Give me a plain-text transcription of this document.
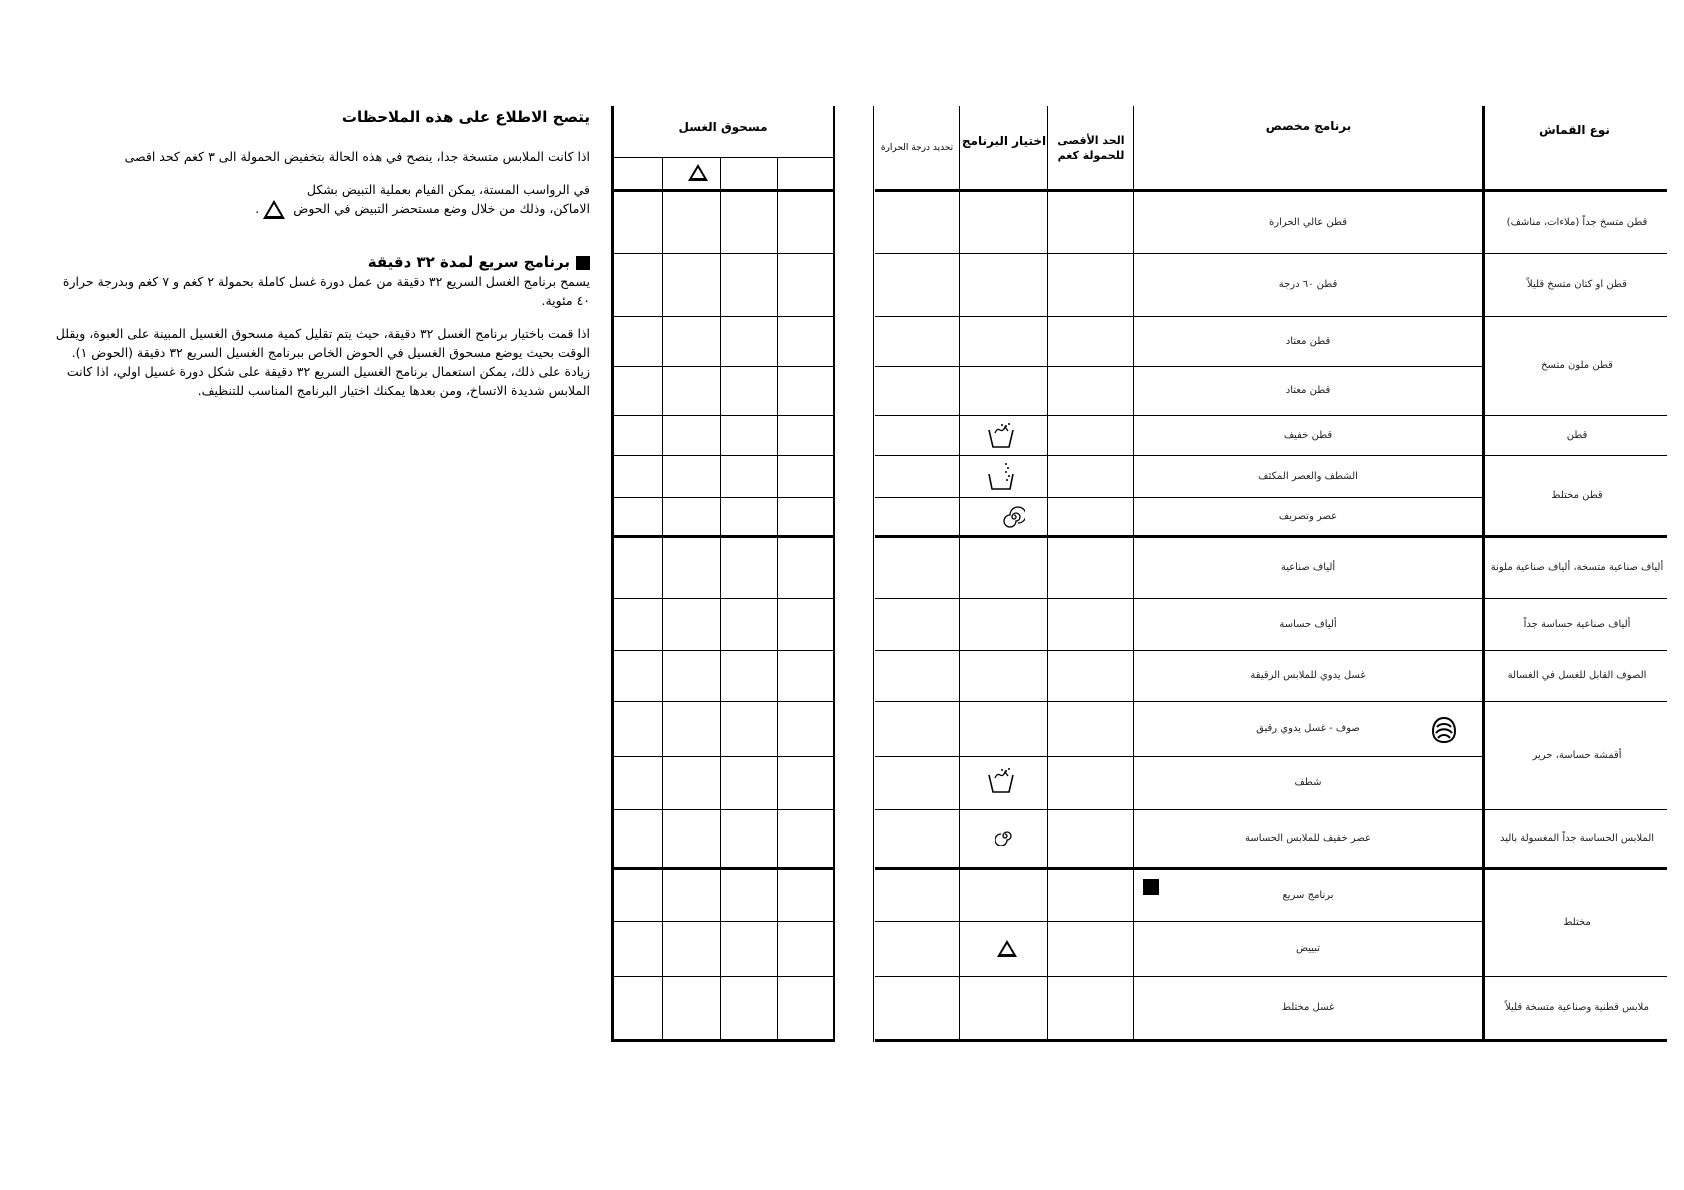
يتصح الاطلاع على هذه الملاحظات

اذا كانت الملابس متسخة جدا، ينصح في هذه الحالة بتخفيض الحمولة الى ٣ كغم كحد اقصى

في الرواسب المستة، يمكن الفيام بعملية التبيض بشكل

الاماكن، وذلك من خلال وضع مستحضر التبيض في الحوض .

برنامج سريع لمدة ٣٢ دقيقة

يسمح برنامج الغسل السريع ٣٢ دقيقة من عمل دورة غسل كاملة بحمولة ٢ كغم و ٧ كغم وبدرجة حرارة ٤٠ مئوية.

اذا قمت باختيار برنامج الغسل ٣٢ دقيقة، حيث يتم تقليل كمية مسحوق الغسيل المبينة على العبوة، ويقلل الوقت بحيث يوضع مسحوق الغسيل في الحوض الخاص ببرنامج الغسيل السريع ٣٢ دقيقة (الحوض ١). زيادة على ذلك، يمكن استعمال برنامج الغسيل السريع ٣٢ دقيقة على شكل دورة غسيل اولي، اذا كانت الملابس شديدة الاتساخ، ومن بعدها يمكنك اختيار البرنامج المناسب للتنظيف.

مسحوق الغسل
تحديد درجة الحرارة
اختيار البرنامج	الحد الأقصى للحمولة كغم
برنامج مخصص	نوع القماش
قطن عالي الحرارة
قطن ٦٠ درجة
قطن معتاد
قطن معتاد
قطن خفيف
الشطف والعصر المكثف
عصر وتصريف
ألياف صناعية
ألياف حساسة
غسل يدوي للملابس الرقيقة
صوف - غسل يدوي رقيق
شطف
عصر خفيف للملابس الحساسة
برنامج سريع
تبييض
غسل مختلط
قطن متسخ جداً (ملاءات، مناشف)
قطن او كتان متسخ قليلاً
قطن ملون متسخ
قطن
قطن مختلط
ألياف صناعية متسخة، ألياف صناعية ملونة
ألياف صناعية حساسة جداً
الصوف القابل للغسل في الغسالة
أقمشة حساسة، حرير
الملابس الحساسة جداً المغسولة باليد
مختلط
ملابس قطنية وصناعية متسخة قليلاً
